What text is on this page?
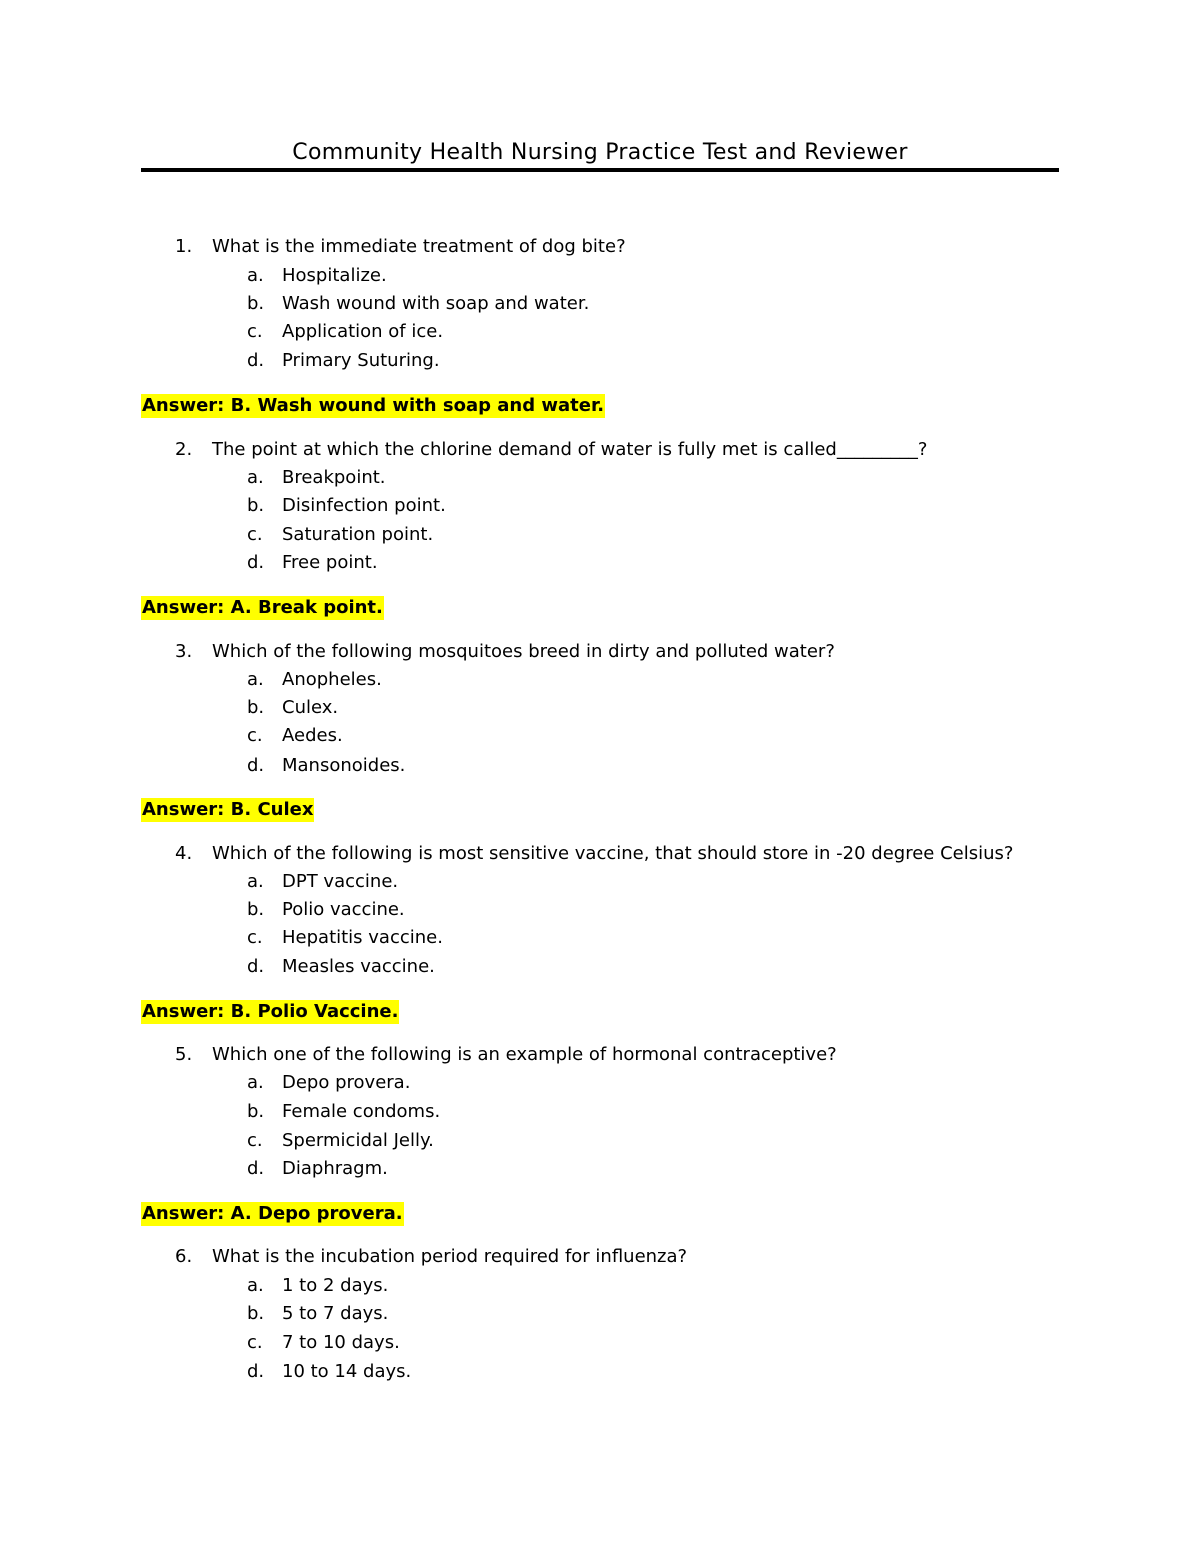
Community Health Nursing Practice Test and Reviewer
1. What is the immediate treatment of dog bite?
a. Hospitalize.
b. Wash wound with soap and water.
c. Application of ice.
d. Primary Suturing.
Answer: B. Wash wound with soap and water.
2. The point at which the chlorine demand of water is fully met is called_________?
a. Breakpoint.
b. Disinfection point.
c. Saturation point.
d. Free point.
Answer: A. Break point.
3. Which of the following mosquitoes breed in dirty and polluted water?
a. Anopheles.
b. Culex.
c. Aedes.
d. Mansonoides.
Answer: B. Culex
4. Which of the following is most sensitive vaccine, that should store in -20 degree Celsius?
a. DPT vaccine.
b. Polio vaccine.
c. Hepatitis vaccine.
d. Measles vaccine.
Answer: B. Polio Vaccine.
5. Which one of the following is an example of hormonal contraceptive?
a. Depo provera.
b. Female condoms.
c. Spermicidal Jelly.
d. Diaphragm.
Answer: A. Depo provera.
6. What is the incubation period required for influenza?
a. 1 to 2 days.
b. 5 to 7 days.
c. 7 to 10 days.
d. 10 to 14 days.
